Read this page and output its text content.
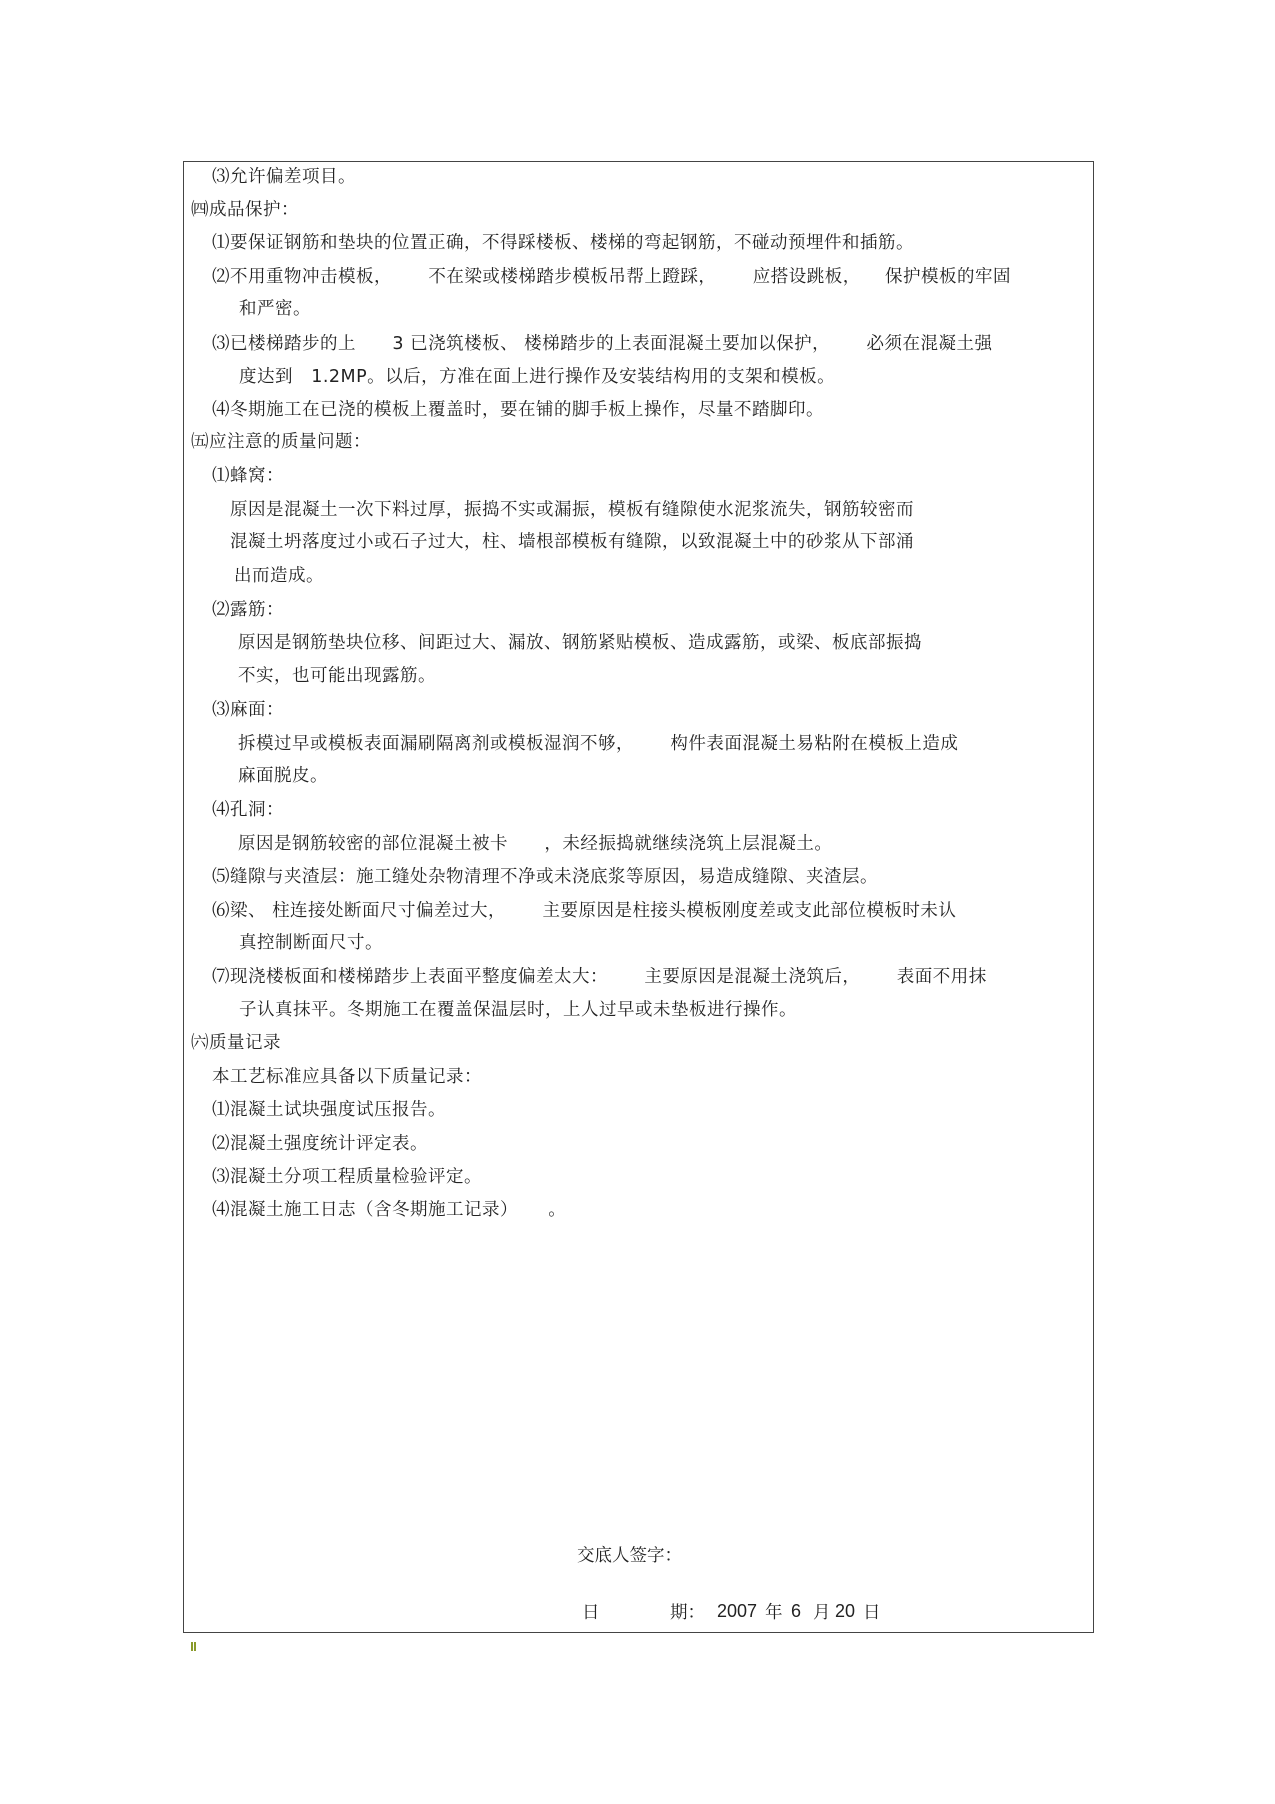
⑶允许偏差项目。
㈣成品保护：
⑴要保证钢筋和垫块的位置正确，不得踩楼板、楼梯的弯起钢筋，不碰动预埋件和插筋。
⑵不用重物冲击模板，      不在梁或楼梯踏步模板吊帮上蹬踩，      应搭设跳板，    保护模板的牢固
和严密。
⑶已楼梯踏步的上      3 已浇筑楼板、 楼梯踏步的上表面混凝土要加以保护，      必须在混凝土强
度达到   1.2MP。以后，方准在面上进行操作及安装结构用的支架和模板。
⑷冬期施工在已浇的模板上覆盖时，要在铺的脚手板上操作，尽量不踏脚印。
㈤应注意的质量问题：
⑴蜂窝：
原因是混凝土一次下料过厚，振捣不实或漏振，模板有缝隙使水泥浆流失，钢筋较密而
混凝土坍落度过小或石子过大，柱、墙根部模板有缝隙，以致混凝土中的砂浆从下部涌
出而造成。
⑵露筋：
原因是钢筋垫块位移、间距过大、漏放、钢筋紧贴模板、造成露筋，或梁、板底部振捣
不实，也可能出现露筋。
⑶麻面：
拆模过早或模板表面漏刷隔离剂或模板湿润不够，      构件表面混凝土易粘附在模板上造成
麻面脱皮。
⑷孔洞：
原因是钢筋较密的部位混凝土被卡      ，未经振捣就继续浇筑上层混凝土。
⑸缝隙与夹渣层：施工缝处杂物清理不净或未浇底浆等原因，易造成缝隙、夹渣层。
⑹梁、 柱连接处断面尺寸偏差过大，      主要原因是柱接头模板刚度差或支此部位模板时未认
真控制断面尺寸。
⑺现浇楼板面和楼梯踏步上表面平整度偏差太大：      主要原因是混凝土浇筑后，      表面不用抹
子认真抹平。冬期施工在覆盖保温层时，上人过早或未垫板进行操作。
㈥质量记录
本工艺标准应具备以下质量记录：
⑴混凝土试块强度试压报告。
⑵混凝土强度统计评定表。
⑶混凝土分项工程质量检验评定。
⑷混凝土施工日志（含冬期施工记录）     。
交底人签字：
日	期： 2007 年 6 月 20 日
